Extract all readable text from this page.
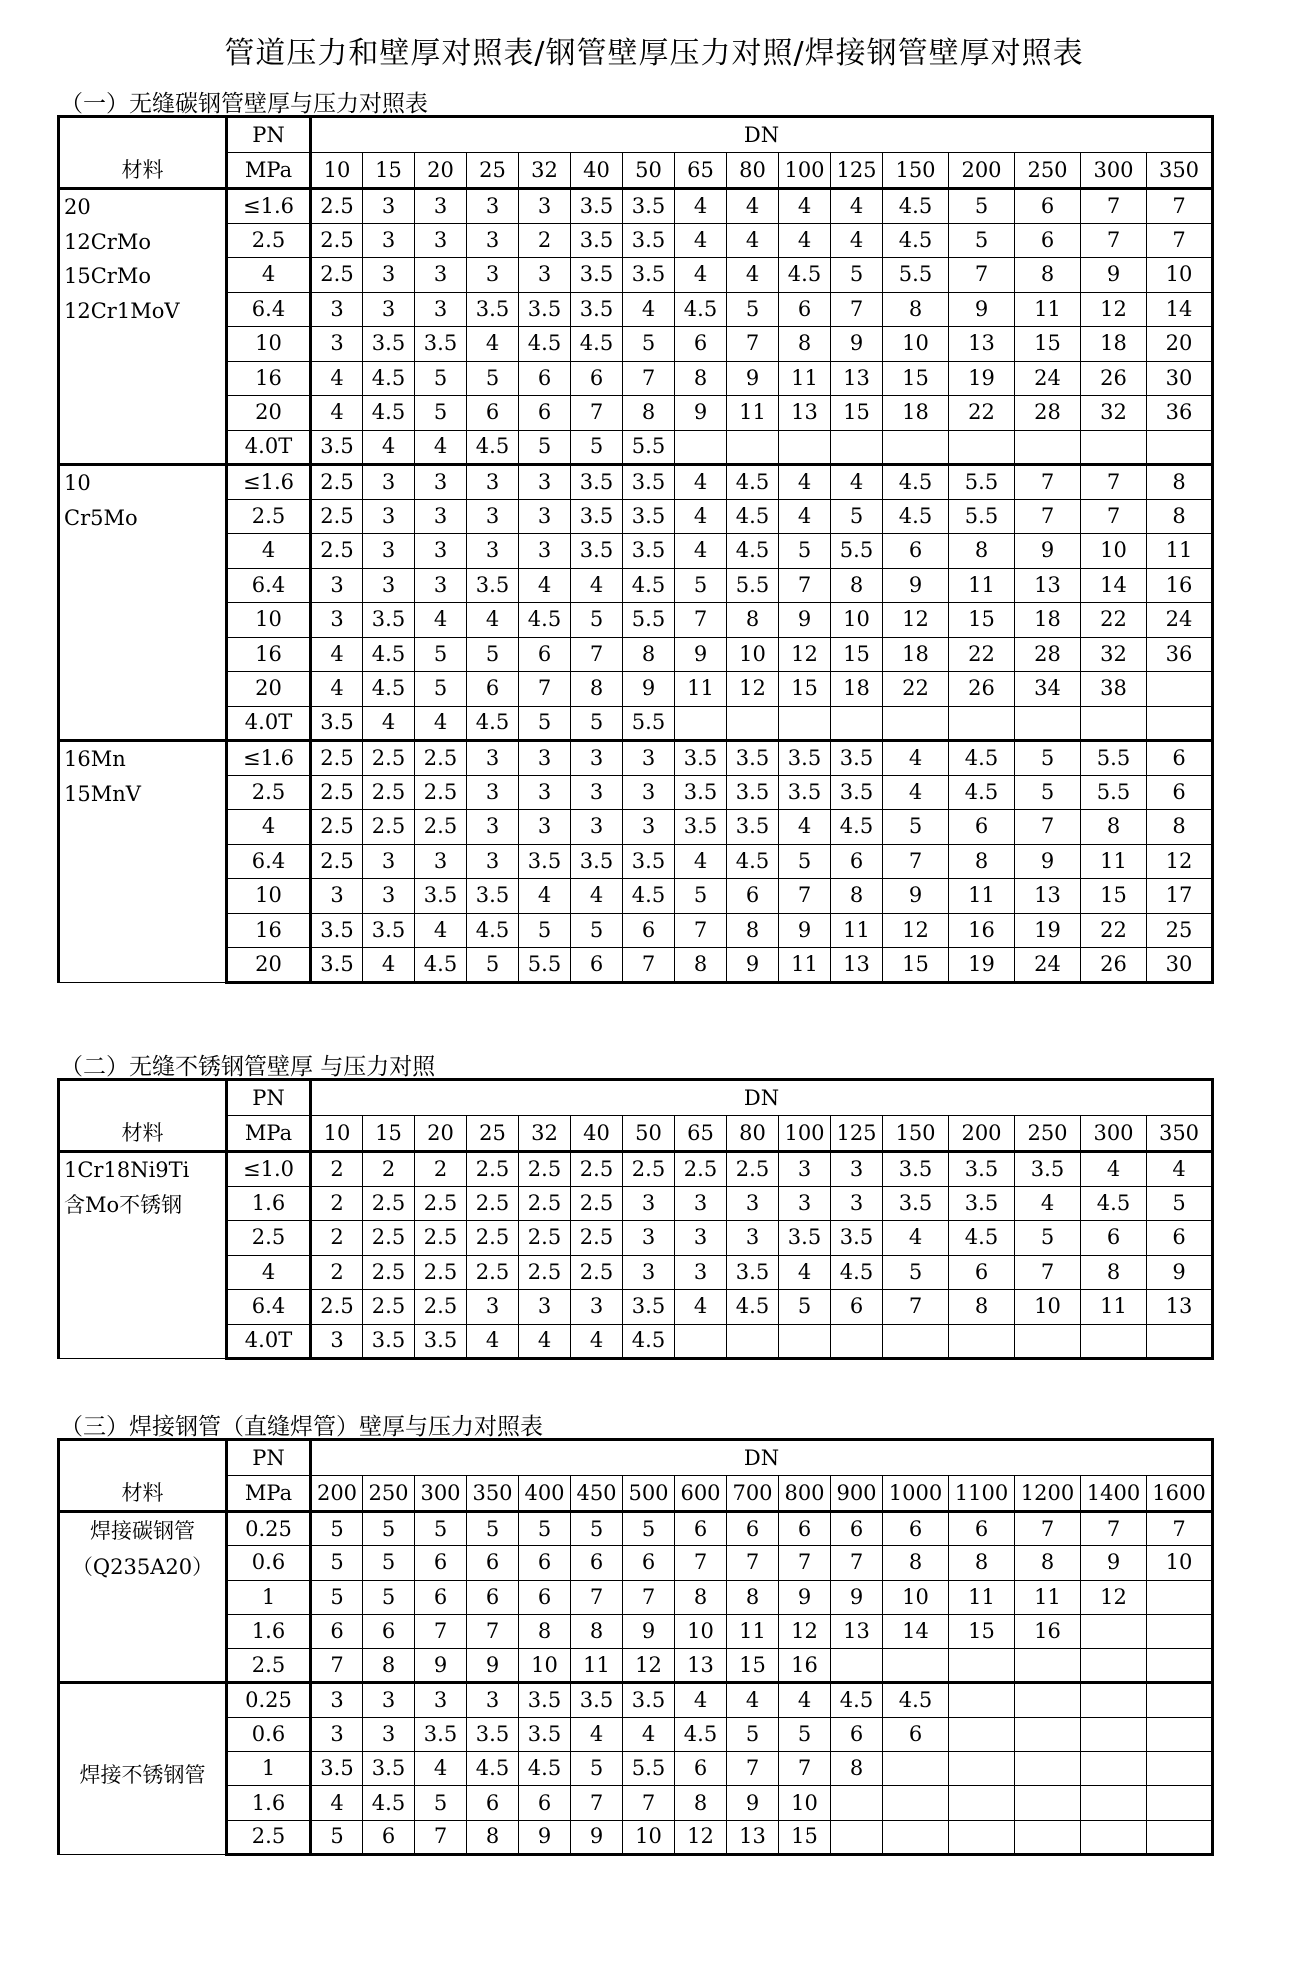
管道压力和壁厚对照表/钢管壁厚压力对照/焊接钢管壁厚对照表
（一）无缝碳钢管壁厚与压力对照表
材料	PN	DN															
	MPa	10	15	20	25	32	40	50	65	80	100	125	150	200	250	300	350

20
12CrMo
15CrMo
12Cr1MoV	≤1.6	2.5	3	3	3	3	3.5	3.5	4	4	4	4	4.5	5	6	7	7
	2.5	2.5	3	3	3	2	3.5	3.5	4	4	4	4	4.5	5	6	7	7
	4	2.5	3	3	3	3	3.5	3.5	4	4	4.5	5	5.5	7	8	9	10
	6.4	3	3	3	3.5	3.5	3.5	4	4.5	5	6	7	8	9	11	12	14
	10	3	3.5	3.5	4	4.5	4.5	5	6	7	8	9	10	13	15	18	20
	16	4	4.5	5	5	6	6	7	8	9	11	13	15	19	24	26	30
	20	4	4.5	5	6	6	7	8	9	11	13	15	18	22	28	32	36
	4.0T	3.5	4	4	4.5	5	5	5.5									

10
Cr5Mo	≤1.6	2.5	3	3	3	3	3.5	3.5	4	4.5	4	4	4.5	5.5	7	7	8
	2.5	2.5	3	3	3	3	3.5	3.5	4	4.5	4	5	4.5	5.5	7	7	8
	4	2.5	3	3	3	3	3.5	3.5	4	4.5	5	5.5	6	8	9	10	11
	6.4	3	3	3	3.5	4	4	4.5	5	5.5	7	8	9	11	13	14	16
	10	3	3.5	4	4	4.5	5	5.5	7	8	9	10	12	15	18	22	24
	16	4	4.5	5	5	6	7	8	9	10	12	15	18	22	28	32	36
	20	4	4.5	5	6	7	8	9	11	12	15	18	22	26	34	38	
	4.0T	3.5	4	4	4.5	5	5	5.5									

16Mn
15MnV	≤1.6	2.5	2.5	2.5	3	3	3	3	3.5	3.5	3.5	3.5	4	4.5	5	5.5	6
	2.5	2.5	2.5	2.5	3	3	3	3	3.5	3.5	3.5	3.5	4	4.5	5	5.5	6
	4	2.5	2.5	2.5	3	3	3	3	3.5	3.5	4	4.5	5	6	7	8	8
	6.4	2.5	3	3	3	3.5	3.5	3.5	4	4.5	5	6	7	8	9	11	12
	10	3	3	3.5	3.5	4	4	4.5	5	6	7	8	9	11	13	15	17
	16	3.5	3.5	4	4.5	5	5	6	7	8	9	11	12	16	19	22	25
	20	3.5	4	4.5	5	5.5	6	7	8	9	11	13	15	19	24	26	30
（二）无缝不锈钢管壁厚 与压力对照
材料	PN	DN															
	MPa	10	15	20	25	32	40	50	65	80	100	125	150	200	250	300	350

1Cr18Ni9Ti
含Mo不锈钢	≤1.0	2	2	2	2.5	2.5	2.5	2.5	2.5	2.5	3	3	3.5	3.5	3.5	4	4
	1.6	2	2.5	2.5	2.5	2.5	2.5	3	3	3	3	3	3.5	3.5	4	4.5	5
	2.5	2	2.5	2.5	2.5	2.5	2.5	3	3	3	3.5	3.5	4	4.5	5	6	6
	4	2	2.5	2.5	2.5	2.5	2.5	3	3	3.5	4	4.5	5	6	7	8	9
	6.4	2.5	2.5	2.5	3	3	3	3.5	4	4.5	5	6	7	8	10	11	13
	4.0T	3	3.5	3.5	4	4	4	4.5									
（三）焊接钢管（直缝焊管）壁厚与压力对照表
材料	PN	DN															
	MPa	200	250	300	350	400	450	500	600	700	800	900	1000	1100	1200	1400	1600

焊接碳钢管
（Q235A20）	0.25	5	5	5	5	5	5	5	6	6	6	6	6	6	7	7	7
	0.6	5	5	6	6	6	6	6	7	7	7	7	8	8	8	9	10
	1	5	5	6	6	6	7	7	8	8	9	9	10	11	11	12	
	1.6	6	6	7	7	8	8	9	10	11	12	13	14	15	16		
	2.5	7	8	9	9	10	11	12	13	15	16						

焊接不锈钢管	0.25	3	3	3	3	3.5	3.5	3.5	4	4	4	4.5	4.5				
	0.6	3	3	3.5	3.5	3.5	4	4	4.5	5	5	6	6				
	1	3.5	3.5	4	4.5	4.5	5	5.5	6	7	7	8					
	1.6	4	4.5	5	6	6	7	7	8	9	10						
	2.5	5	6	7	8	9	9	10	12	13	15						
